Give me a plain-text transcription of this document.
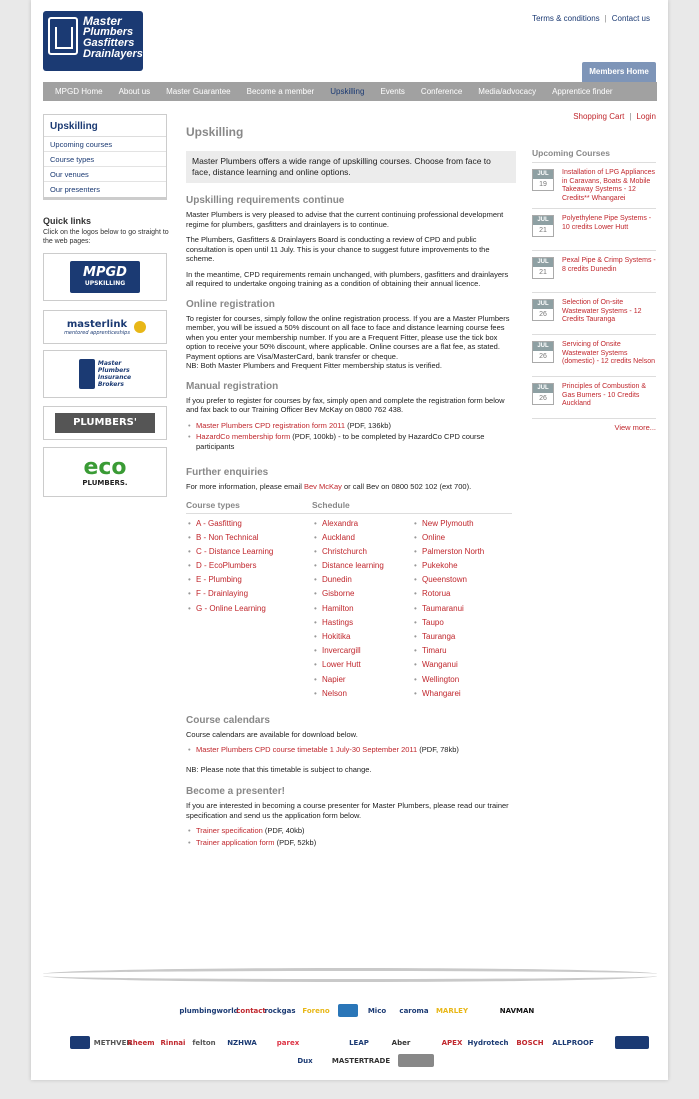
Master
Plumbers
Gasfitters
Drainlayers
Terms & conditions | Contact us
Members Home
MPGD Home	About us	Master Guarantee	Become a member	Upskilling	Events	Conference	Media/advocacy	Apprentice finder
Shopping Cart | Login
Upskilling
Upcoming courses
Course types
Our venues
Our presenters
Quick links

Click on the logos below to go straight to the web pages:

MPGD
UPSKILLING
masterlink
mentored apprenticeships
Master
Plumbers
Insurance
Brokers
PLUMBERS'
eco
PLUMBERS.
Upskilling
Master Plumbers offers a wide range of upskilling courses. Choose from face to face, distance learning and online options.
Upskilling requirements continue

Master Plumbers is very pleased to advise that the current continuing professional development regime for plumbers, gasfitters and drainlayers is to continue.

The Plumbers, Gasfitters & Drainlayers Board is conducting a review of CPD and public consultation is open until 11 July. This is your chance to suggest future improvements to the scheme.

In the meantime, CPD requirements remain unchanged, with plumbers, gasfitters and drainlayers all required to undertake ongoing training as a condition of obtaining their annual licence.

Online registration

To register for courses, simply follow the online registration process. If you are a Master Plumbers member, you will be issued a 50% discount on all face to face and distance learning course fees when you enter your membership number. If you are a Frequent Fitter, please use the tick box option to receive your 50% discount, where applicable. Online courses are a flat fee, as stated. Payment options are Visa/MasterCard, bank transfer or cheque.

NB: Both Master Plumbers and Frequent Fitter membership status is verified.

Manual registration

If you prefer to register for courses by fax, simply open and complete the registration form below and fax back to our Training Officer Bev McKay on 0800 762 438.

• Master Plumbers CPD registration form 2011 (PDF, 136kb)
• HazardCo membership form (PDF, 100kb) - to be completed by HazardCo CPD course participants
Further enquiries

For more information, please email Bev McKay or call Bev on 0800 502 102 (ext 700).

Course types
• A - Gasfitting
• B - Non Technical
• C - Distance Learning
• D - EcoPlumbers
• E - Plumbing
• F - Drainlaying
• G - Online Learning
Schedule
• Alexandra
• Auckland
• Christchurch
• Distance learning
• Dunedin
• Gisborne
• Hamilton
• Hastings
• Hokitika
• Invercargill
• Lower Hutt
• Napier
• Nelson
• New Plymouth
• Online
• Palmerston North
• Pukekohe
• Queenstown
• Rotorua
• Taumaranui
• Taupo
• Tauranga
• Timaru
• Wanganui
• Wellington
• Whangarei
Course calendars

Course calendars are available for download below.

• Master Plumbers CPD course timetable 1 July-30 September 2011 (PDF, 78kb)

NB: Please note that this timetable is subject to change.

Become a presenter!

If you are interested in becoming a course presenter for Master Plumbers, please read our trainer specification and send us the application form below.

• Trainer specification (PDF, 40kb)
• Trainer application form (PDF, 52kb)
Upcoming Courses
JUL
19
Installation of LPG Appliances in Caravans, Boats & Mobile Takeaway Systems - 12 Credits** Whangarei
JUL
21
Polyethylene Pipe Systems - 10 credits Lower Hutt
JUL
21
Pexal Pipe & Crimp Systems - 8 credits Dunedin
JUL
26
Selection of On-site Wastewater Systems - 12 Credits Tauranga
JUL
26
Servicing of Onsite Wastewater Systems (domestic) - 12 credits Nelson
JUL
26
Principles of Combustion & Gas Burners - 10 Credits Auckland
View more...
plumbingworld
contact
rockgas Foreno	Mico	caroma	MARLEY	NAVMAN
METHVEN
Rheem Rinnai felton	NZHWA	parex	LEAP	Aber	APEX Hydrotech	BOSCH	ALLPROOF
Dux	MASTERTRADE
